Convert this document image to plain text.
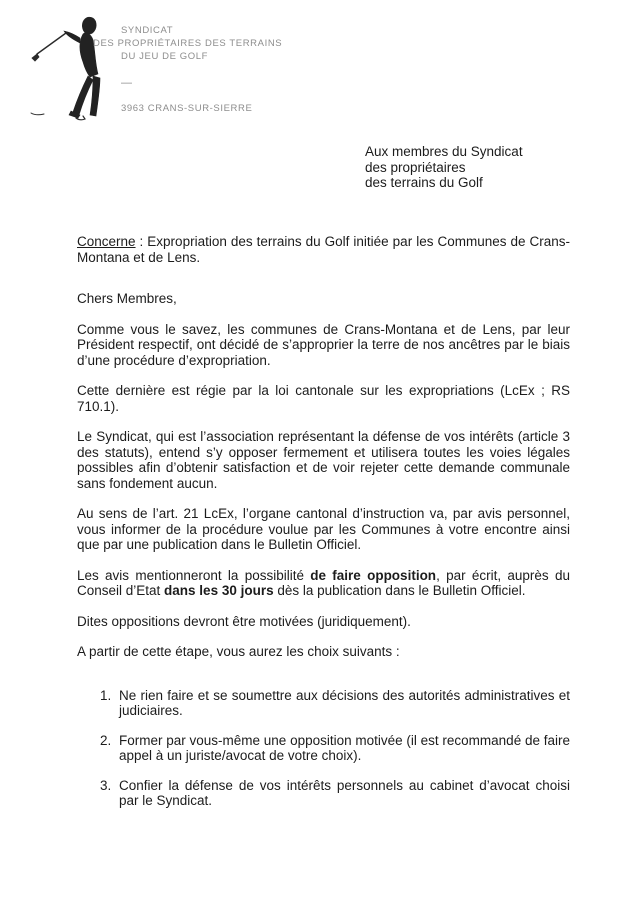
SYNDICAT
DES PROPRIÉTAIRES DES TERRAINS
DU JEU DE GOLF
—
3963 CRANS-SUR-SIERRE
Aux membres du Syndicat
des propriétaires
des terrains du Golf

Concerne : Expropriation des terrains du Golf initiée par les Communes de Crans-Montana et de Lens.

Chers Membres,

Comme vous le savez, les communes de Crans-Montana et de Lens, par leur Président respectif, ont décidé de s’approprier la terre de nos ancêtres par le biais d’une procédure d’expropriation.

Cette dernière est régie par la loi cantonale sur les expropriations (LcEx ; RS 710.1).

Le Syndicat, qui est l’association représentant la défense de vos intérêts (article 3 des statuts), entend s’y opposer fermement et utilisera toutes les voies légales possibles afin d’obtenir satisfaction et de voir rejeter cette demande communale sans fondement aucun.

Au sens de l’art. 21 LcEx, l’organe cantonal d’instruction va, par avis personnel, vous informer de la procédure voulue par les Communes à votre encontre ainsi que par une publication dans le Bulletin Officiel.

Les avis mentionneront la possibilité de faire opposition, par écrit, auprès du Conseil d’Etat dans les 30 jours dès la publication dans le Bulletin Officiel.

Dites oppositions devront être motivées (juridiquement).

A partir de cette étape, vous aurez les choix suivants :

1. Ne rien faire et se soumettre aux décisions des autorités administratives et judiciaires.
2. Former par vous-même une opposition motivée (il est recommandé de faire appel à un juriste/avocat de votre choix).
3. Confier la défense de vos intérêts personnels au cabinet d’avocat choisi par le Syndicat.
